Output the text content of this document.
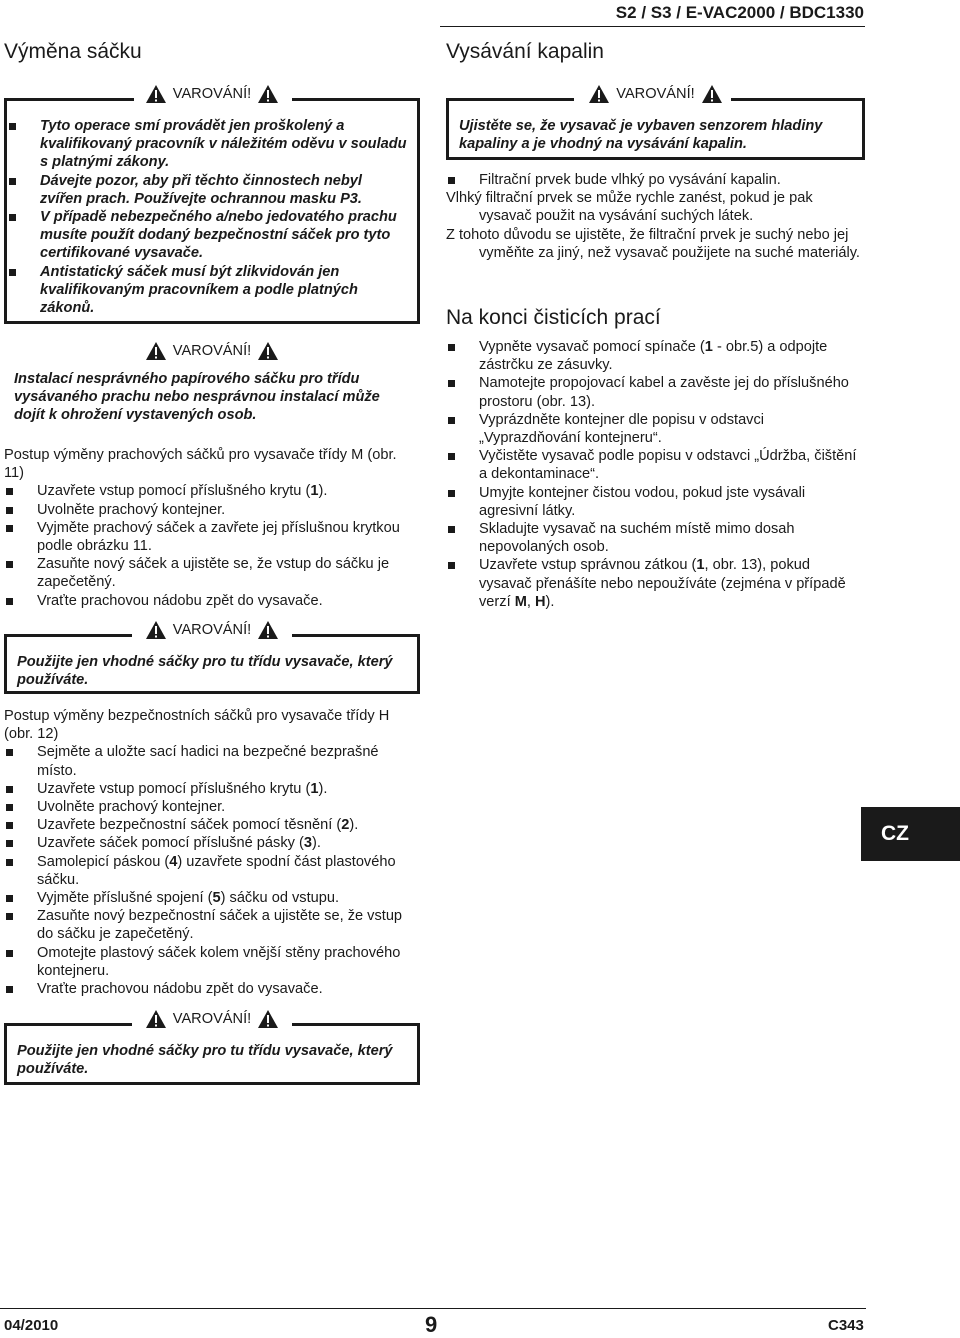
S2 / S3 / E-VAC2000 / BDC1330
Výměna sáčku
VAROVÁNÍ!
Tyto operace smí provádět jen proškolený a kvalifikovaný pracovník v náležitém oděvu v souladu s platnými zákony.
Dávejte pozor, aby při těchto činnostech nebyl zvířen prach. Používejte ochrannou masku P3.
V případě nebezpečného a/nebo jedovatého prachu musíte použít dodaný bezpečnostní sáček pro tyto certifikované vysavače.
Antistatický sáček musí být zlikvidován jen kvalifikovaným pracovníkem a podle platných zákonů.
VAROVÁNÍ!
Instalací nesprávného papírového sáčku pro třídu vysávaného prachu nebo nesprávnou instalací může dojít k ohrožení vystavených osob.
Postup výměny prachových sáčků pro vysavače třídy M (obr. 11)
Uzavřete vstup pomocí příslušného krytu (1).
Uvolněte prachový kontejner.
Vyjměte prachový sáček a zavřete jej příslušnou krytkou podle obrázku 11.
Zasuňte nový sáček a ujistěte se, že vstup do sáčku je zapečetěný.
Vraťte prachovou nádobu zpět do vysavače.
VAROVÁNÍ!
Použijte jen vhodné sáčky pro tu třídu vysavače, který používáte.
Postup výměny bezpečnostních sáčků pro vysavače třídy H (obr. 12)
Sejměte a uložte sací hadici na bezpečné bezprašné místo.
Uzavřete vstup pomocí příslušného krytu (1).
Uvolněte prachový kontejner.
Uzavřete bezpečnostní sáček pomocí těsnění (2).
Uzavřete sáček pomocí příslušné pásky (3).
Samolepicí páskou (4) uzavřete spodní část plastového sáčku.
Vyjměte příslušné spojení (5) sáčku od vstupu.
Zasuňte nový bezpečnostní sáček a ujistěte se, že vstup do sáčku je zapečetěný.
Omotejte plastový sáček kolem vnější stěny prachového kontejneru.
Vraťte prachovou nádobu zpět do vysavače.
VAROVÁNÍ!
Použijte jen vhodné sáčky pro tu třídu vysavače, který používáte.
Vysávání kapalin
VAROVÁNÍ!
Ujistěte se, že vysavač je vybaven senzorem hladiny kapaliny a je vhodný na vysávání kapalin.
Filtrační prvek bude vlhký po vysávání kapalin.
Vlhký filtrační prvek se může rychle zanést, pokud je pak vysavač použit na vysávání suchých látek.
Z tohoto důvodu se ujistěte, že filtrační prvek je suchý nebo jej vyměňte za jiný, než vysavač použijete na suché materiály.
Na konci čisticích prací
Vypněte vysavač pomocí spínače (1 - obr.5) a odpojte zástrčku ze zásuvky.
Namotejte propojovací kabel a zavěste jej do příslušného prostoru (obr. 13).
Vyprázdněte kontejner dle popisu v odstavci „Vyprazdňování kontejneru“.
Vyčistěte vysavač podle popisu v odstavci „Údržba, čištění a dekontaminace“.
Umyjte kontejner čistou vodou, pokud jste vysávali agresivní látky.
Skladujte vysavač na suchém místě mimo dosah nepovolaných osob.
Uzavřete vstup správnou zátkou (1, obr. 13), pokud vysavač přenášíte nebo nepoužíváte (zejména v případě verzí M, H).
CZ
04/2010	9	C343
